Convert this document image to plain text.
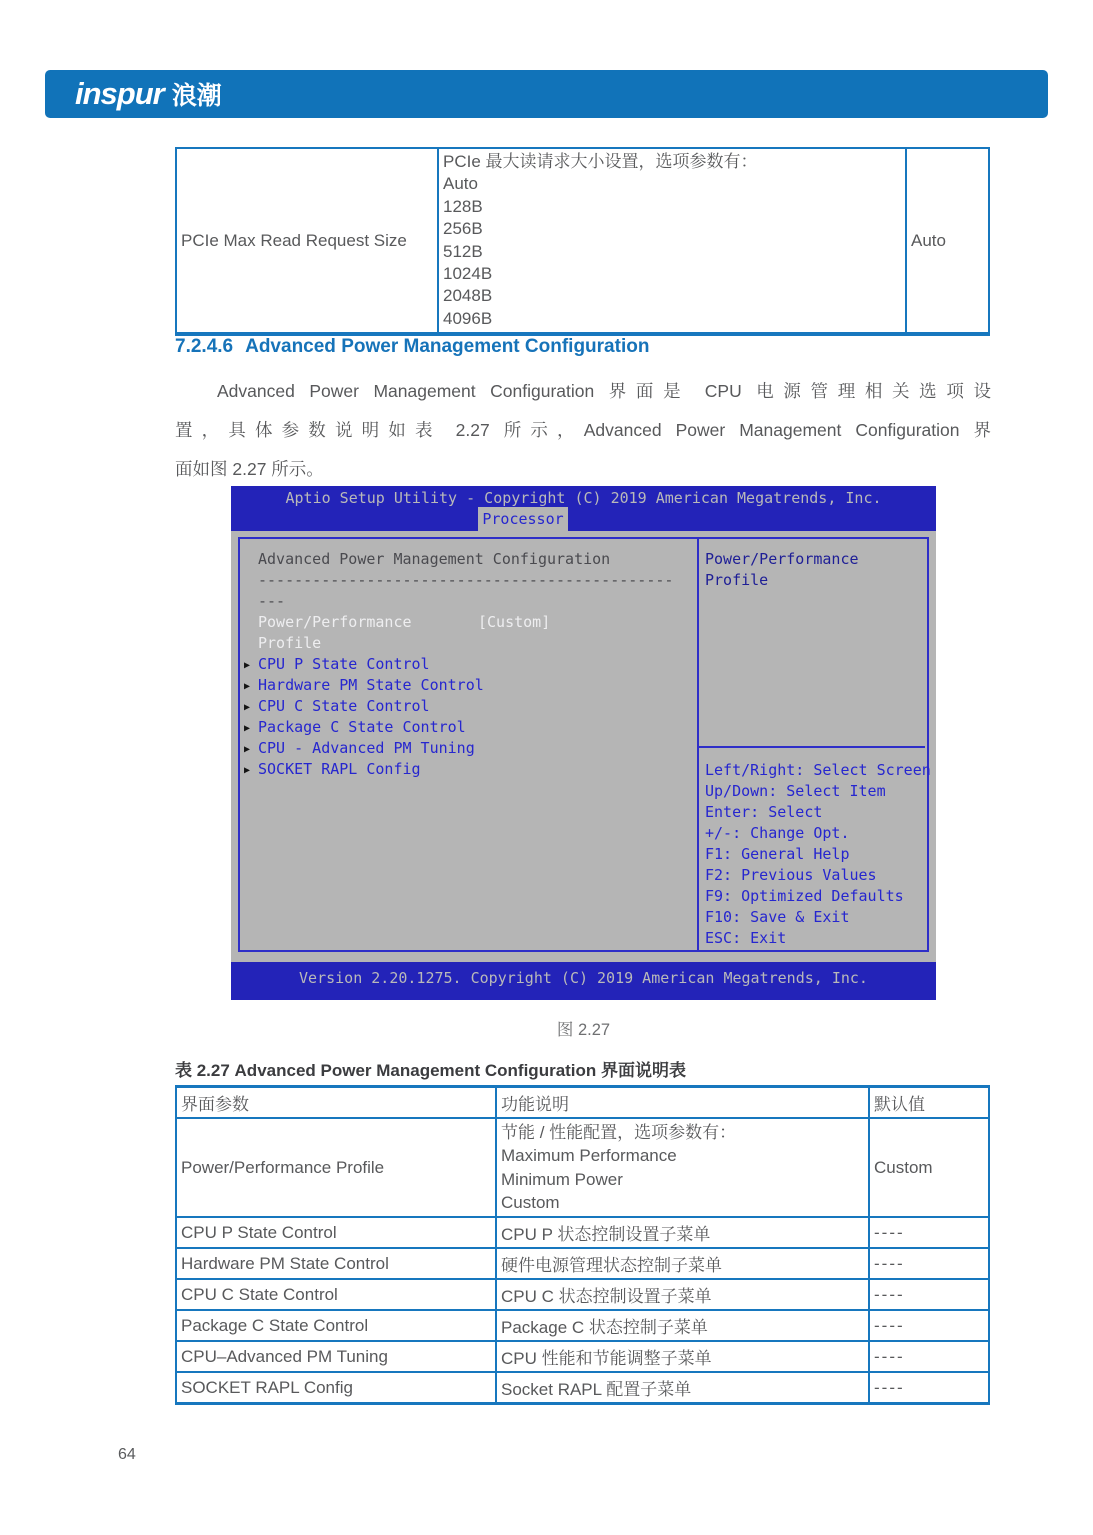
inspur 浪潮
PCIe Max Read Request Size	
PCIe 最大读请求大小设置，选项参数有：
Auto
128B
256B
512B
1024B
2048B
4096B
	Auto
7.2.4.6 Advanced Power Management Configuration
Advanced Power Management Configuration 界面是 CPU 电源管理相关选项设
置，具体参数说明如表 2.27 所示，Advanced Power Management Configuration 界
面如图 2.27 所示。
Aptio Setup Utility - Copyright (C) 2019 American Megatrends, Inc.
Processor
Advanced Power Management Configuration
----------------------------------------------
---
Power/Performance	[Custom]
Profile
▶ CPU P State Control
▶ Hardware PM State Control
▶ CPU C State Control
▶ Package C State Control
▶ CPU - Advanced PM Tuning
▶ SOCKET RAPL Config
Power/Performance Profile
Left/Right: Select Screen
Up/Down: Select Item
Enter: Select
+/-: Change Opt.
F1: General Help
F2: Previous Values
F9: Optimized Defaults
F10: Save & Exit
ESC: Exit
Version 2.20.1275. Copyright (C) 2019 American Megatrends, Inc.
图 2.27
表 2.27 Advanced Power Management Configuration 界面说明表
界面参数	功能说明	默认值
Power/Performance Profile	节能 / 性能配置，选项参数有：
Maximum Performance
Minimum Power
Custom	Custom
CPU P State Control	CPU P 状态控制设置子菜单	----
Hardware PM State Control	硬件电源管理状态控制子菜单	----
CPU C State Control	CPU C 状态控制设置子菜单	----
Package C State Control	Package C 状态控制子菜单	----
CPU–Advanced PM Tuning	CPU 性能和节能调整子菜单	----
SOCKET RAPL Config	Socket RAPL 配置子菜单	----
64
